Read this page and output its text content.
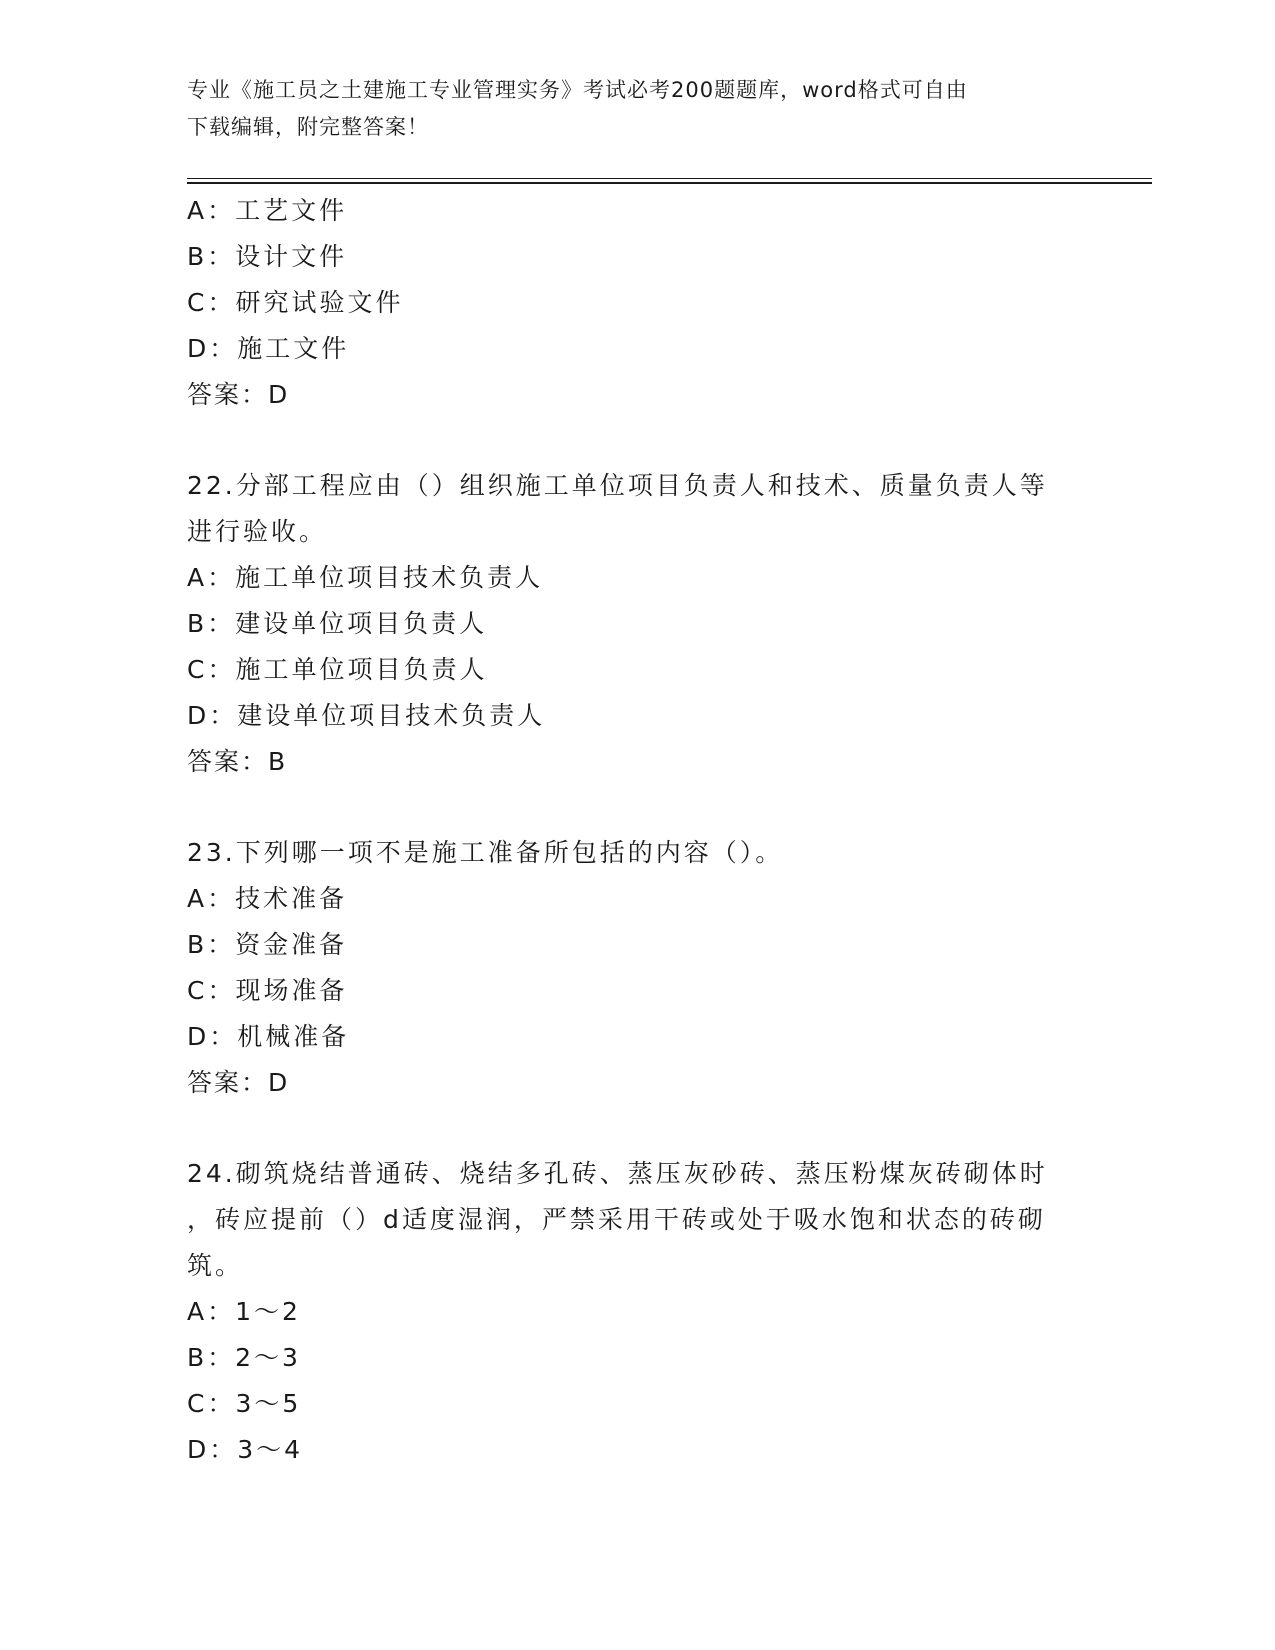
专业《施工员之土建施工专业管理实务》考试必考200题题库，word格式可自由
下载编辑，附完整答案！
A：工艺文件
B：设计文件
C：研究试验文件
D：施工文件
答案：D
22.分部工程应由（）组织施工单位项目负责人和技术、质量负责人等
进行验收。
A：施工单位项目技术负责人
B：建设单位项目负责人
C：施工单位项目负责人
D：建设单位项目技术负责人
答案：B
23.下列哪一项不是施工准备所包括的内容（）。
A：技术准备
B：资金准备
C：现场准备
D：机械准备
答案：D
24.砌筑烧结普通砖、烧结多孔砖、蒸压灰砂砖、蒸压粉煤灰砖砌体时
，砖应提前（）d适度湿润，严禁采用干砖或处于吸水饱和状态的砖砌
筑。
A：1～2
B：2～3
C：3～5
D：3～4
